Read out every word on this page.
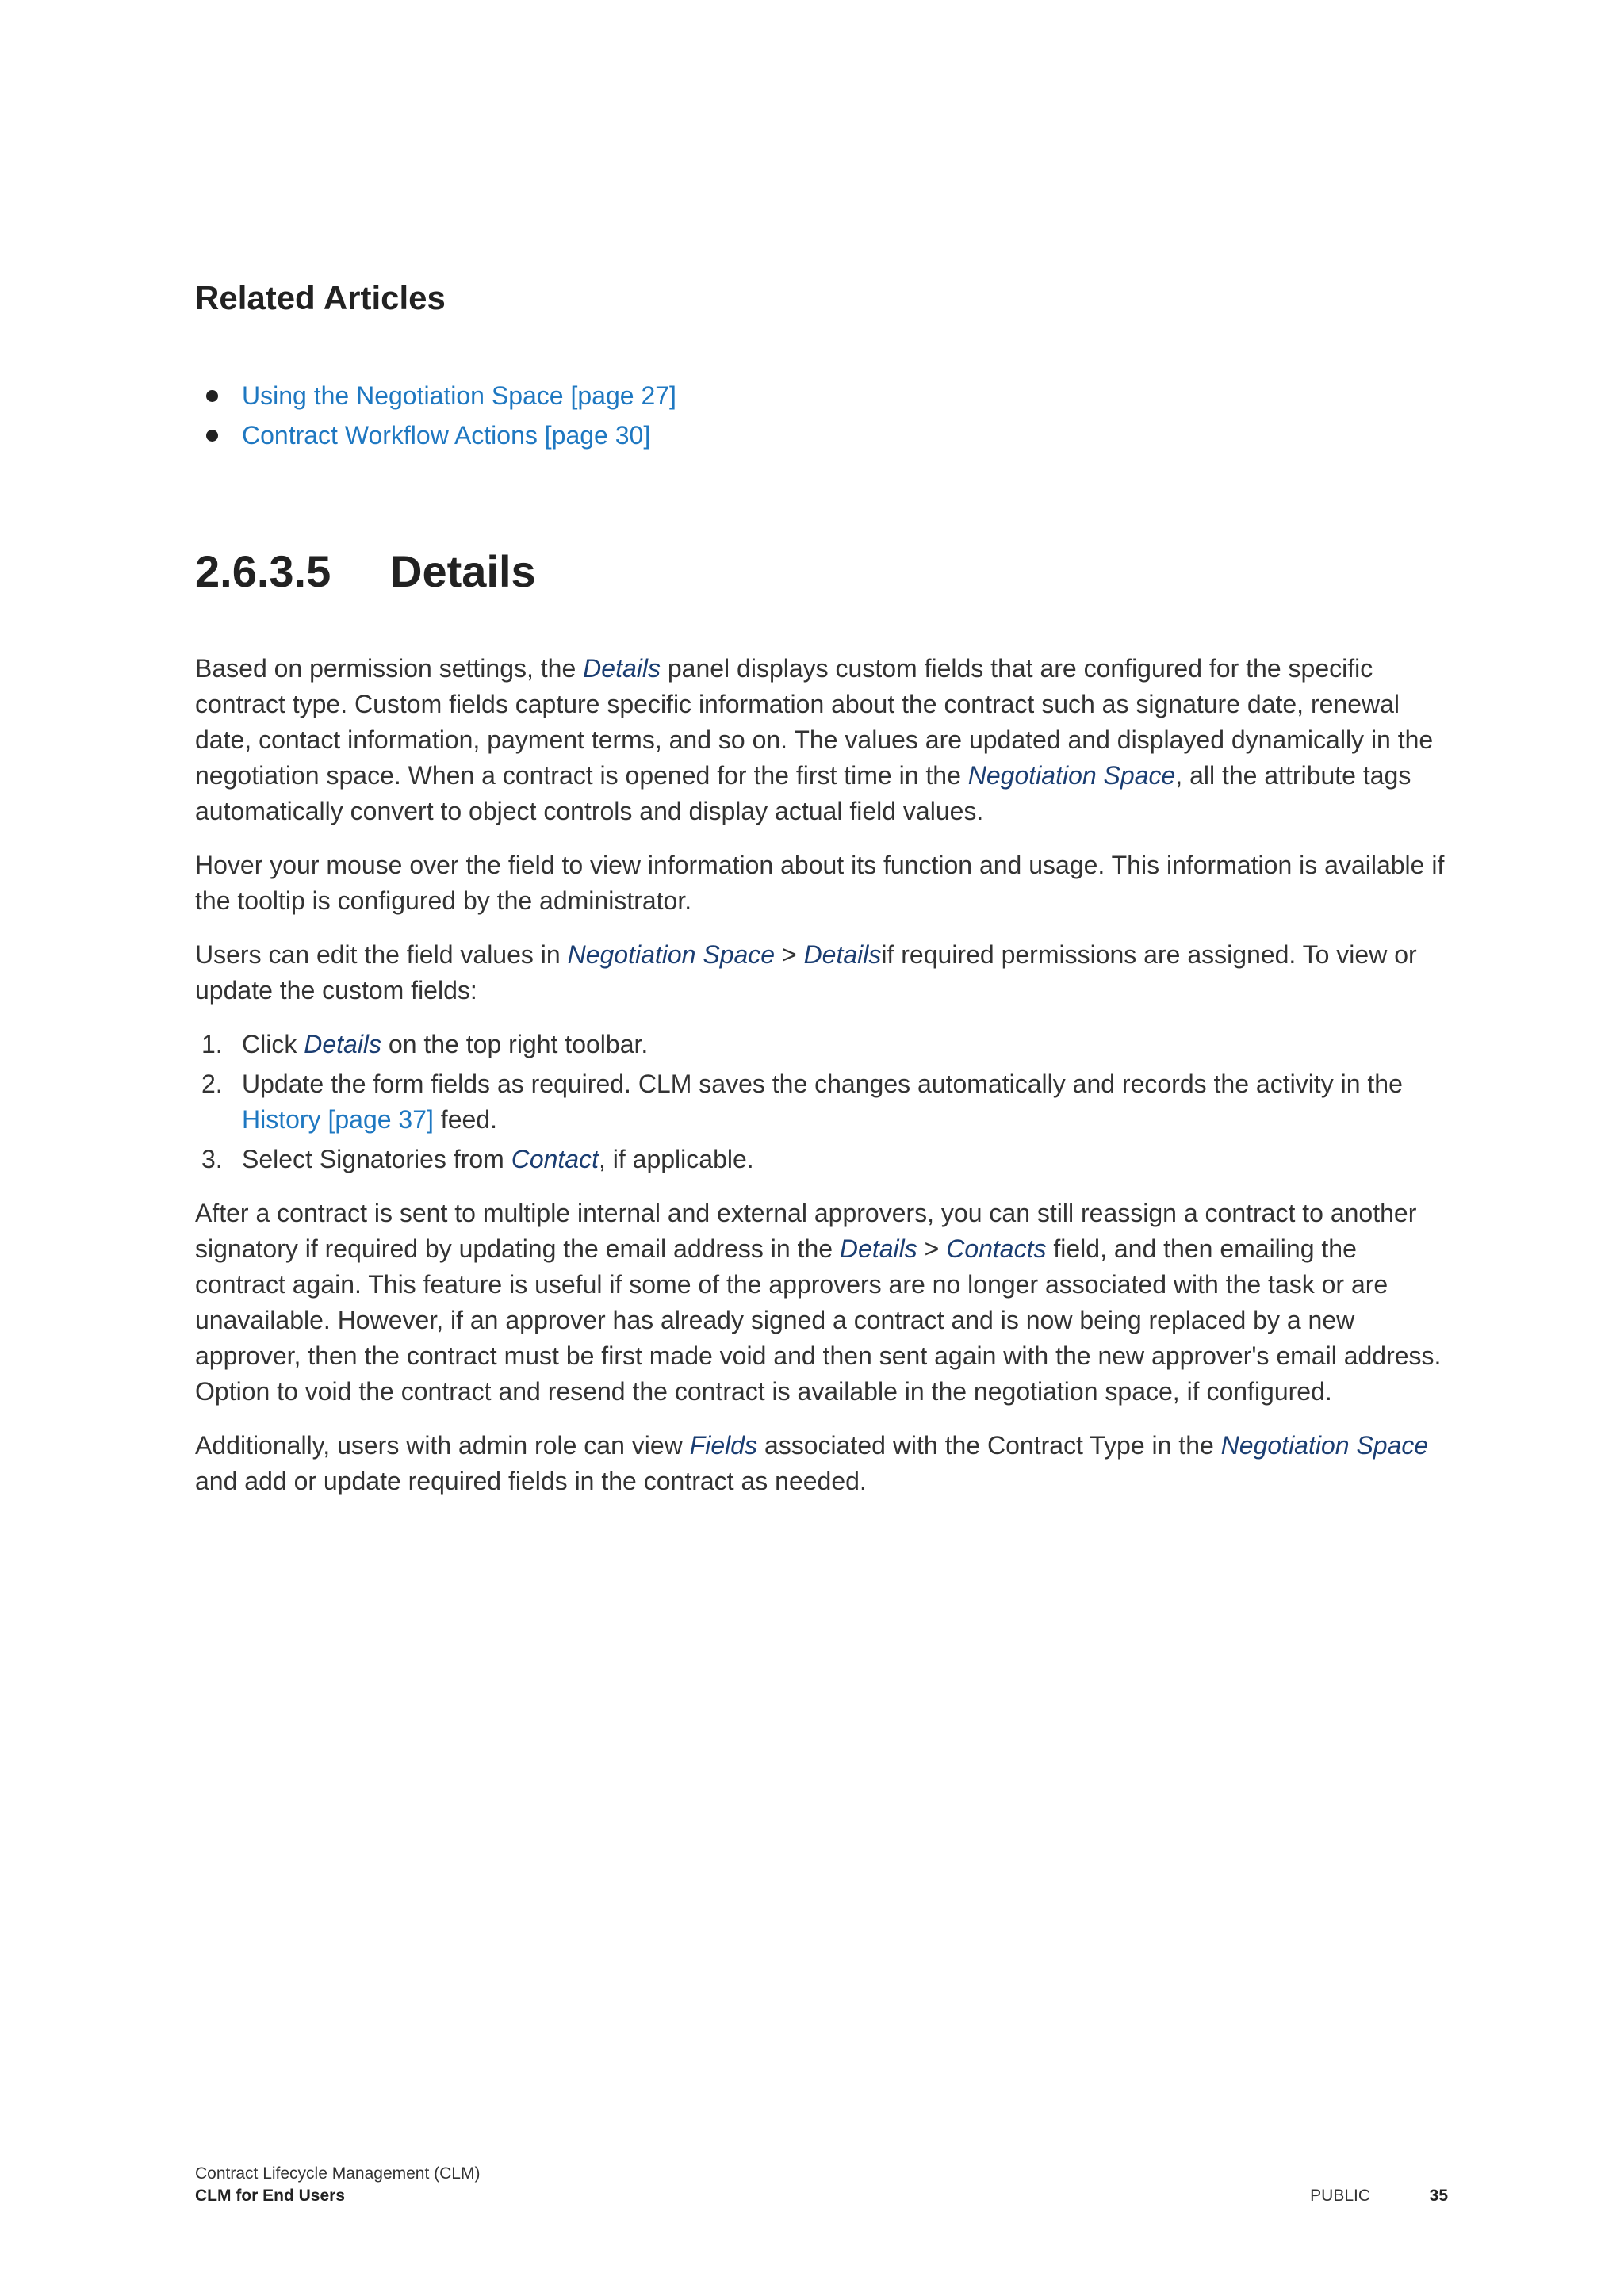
Related Articles
Using the Negotiation Space [page 27]
Contract Workflow Actions [page 30]
2.6.3.5 Details

Based on permission settings, the Details panel displays custom fields that are configured for the specific contract type. Custom fields capture specific information about the contract such as signature date, renewal date, contact information, payment terms, and so on. The values are updated and displayed dynamically in the negotiation space. When a contract is opened for the first time in the Negotiation Space, all the attribute tags automatically convert to object controls and display actual field values.

Hover your mouse over the field to view information about its function and usage. This information is available if the tooltip is configured by the administrator.

Users can edit the field values in Negotiation Space > Detailsif required permissions are assigned. To view or update the custom fields:

1. Click Details on the top right toolbar.
2. Update the form fields as required. CLM saves the changes automatically and records the activity in the History [page 37] feed.
3. Select Signatories from Contact, if applicable.

After a contract is sent to multiple internal and external approvers, you can still reassign a contract to another signatory if required by updating the email address in the Details > Contacts field, and then emailing the contract again. This feature is useful if some of the approvers are no longer associated with the task or are unavailable. However, if an approver has already signed a contract and is now being replaced by a new approver, then the contract must be first made void and then sent again with the new approver's email address. Option to void the contract and resend the contract is available in the negotiation space, if configured.

Additionally, users with admin role can view Fields associated with the Contract Type in the Negotiation Space and add or update required fields in the contract as needed.

Contract Lifecycle Management (CLM)
CLM for End Users	PUBLIC	35
